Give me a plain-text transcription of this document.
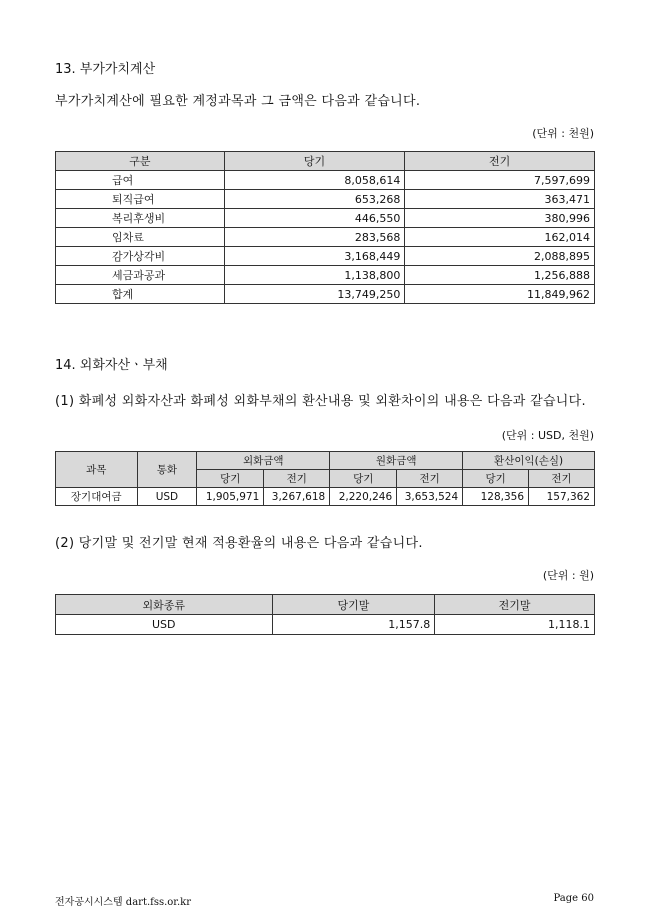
13. 부가가치계산
부가가치계산에 필요한 계정과목과 그 금액은 다음과 같습니다.
(단위 : 천원)
구분	당기	전기
급여	8,058,614	7,597,699
퇴직급여	653,268	363,471
복리후생비	446,550	380,996
임차료	283,568	162,014
감가상각비	3,168,449	2,088,895
세금과공과	1,138,800	1,256,888
합계	13,749,250	11,849,962
14. 외화자산ㆍ부채
(1) 화폐성 외화자산과 화폐성 외화부채의 환산내용 및 외환차이의 내용은 다음과 같습니다.
(단위 : USD, 천원)
과목	통화	외화금액		원화금액		환산이익(손실)	
		당기	전기	당기	전기	당기	전기
장기대여금	USD	1,905,971	3,267,618	2,220,246	3,653,524	128,356	157,362
(2) 당기말 및 전기말 현재 적용환율의 내용은 다음과 같습니다.
(단위 : 원)
외화종류	당기말	전기말
USD	1,157.8	1,118.1
전자공시시스템 dart.fss.or.kr	Page 60
